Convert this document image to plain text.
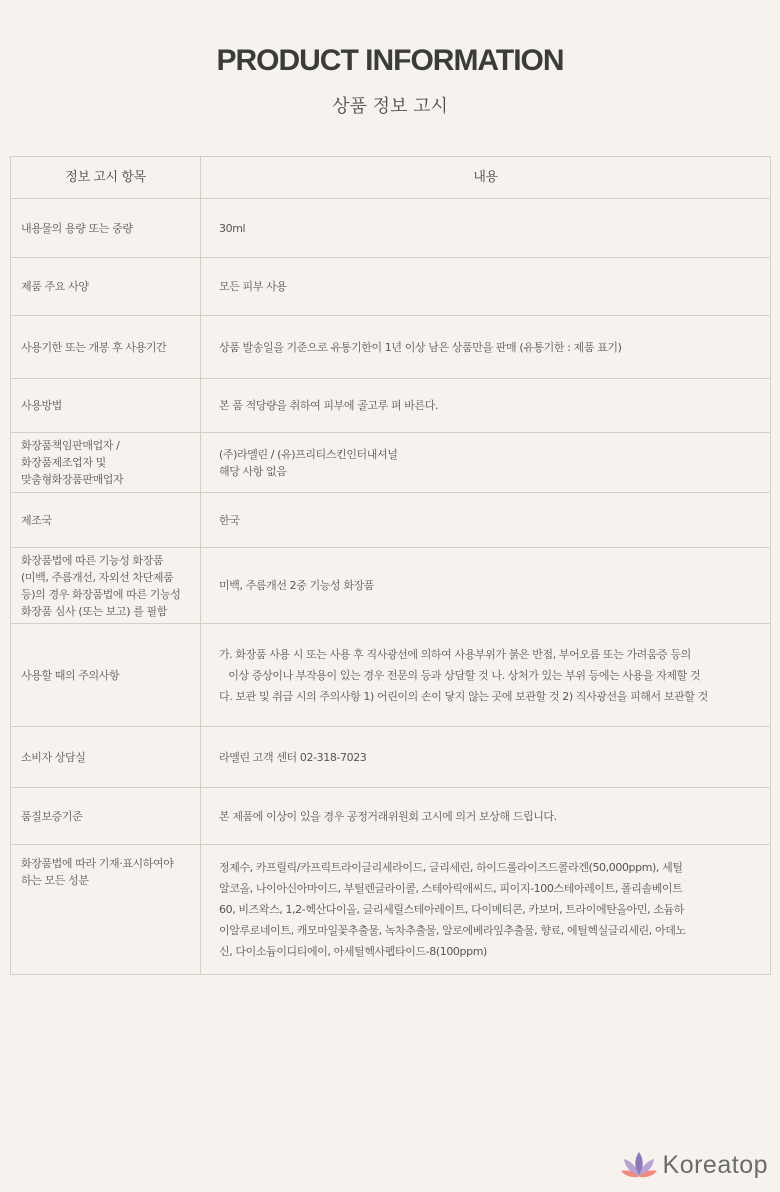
PRODUCT INFORMATION
상품 정보 고시
정보 고시 항목	내용
내용물의 용량 또는 중량	30ml

제품 주요 사양	모든 피부 사용

사용기한 또는 개봉 후 사용기간	상품 발송일을 기준으로 유통기한이 1년 이상 남은 상품만을 판매 (유통기한 : 제품 표기)

사용방법	본 품 적당량을 취하여 피부에 골고루 펴 바른다.

화장품책임판매업자 / 화장품제조업자 및 맞춤형화장품판매업자	(주)라멜린 / (유)프리티스킨인터내셔널
해당 사항 없음

제조국	한국

화장품법에 따른 기능성 화장품 (미백, 주름개선, 자외선 차단제품 등)의 경우 화장품법에 따른 기능성 화장품 심사 (또는 보고) 를 필함	미백, 주름개선 2중 기능성 화장품

사용할 때의 주의사항	가. 화장품 사용 시 또는 사용 후 직사광선에 의하여 사용부위가 붉은 반점, 부어오름 또는 가려움증 등의
이상 증상이나 부작용이 있는 경우 전문의 등과 상담할 것 나. 상처가 있는 부위 등에는 사용을 자제할 것
다. 보관 및 취급 시의 주의사항 1) 어린이의 손이 닿지 않는 곳에 보관할 것 2) 직사광선을 피해서 보관할 것

소비자 상담실	라멜린 고객 센터 02-318-7023

품질보증기준	본 제품에 이상이 있을 경우 공정거래위원회 고시에 의거 보상해 드립니다.

화장품법에 따라 기재·표시하여야 하는 모든 성분	정제수, 카프릴릭/카프릭트라이글리세라이드, 글리세린, 하이드롤라이즈드콜라겐(50,000ppm), 세틸
알코올, 나이아신아마이드, 부틸렌글라이콜, 스테아릭애씨드, 피이지-100스테아레이트, 폴리솔베이트
60, 비즈왁스, 1,2-헥산다이올, 글리세릴스테아레이트, 다이메티콘, 카보머, 트라이에탄올아민, 소듐하
이알루로네이트, 캐모마일꽃추출물, 녹차추출물, 알로에베라잎추출물, 향료, 에틸헥실글리세린, 아데노
신, 다이소듐이디티에이, 아세틸헥사펩타이드-8(100ppm)
Koreatop
